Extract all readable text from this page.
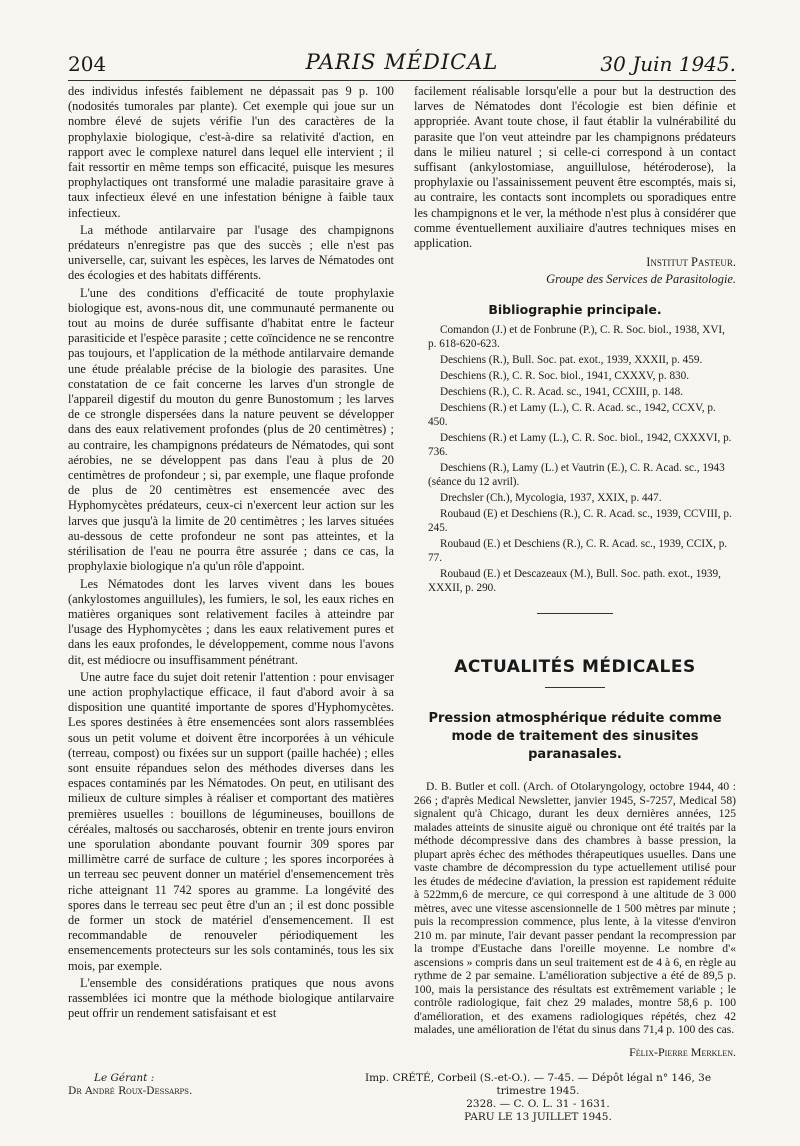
204	PARIS MÉDICAL	30 Juin 1945.

des individus infestés faiblement ne dépassait pas 9 p. 100 (nodosités tumorales par plante). Cet exemple qui joue sur un nombre élevé de sujets vérifie l'un des caractères de la prophylaxie biologique, c'est-à-dire sa relativité d'action, en rapport avec le complexe naturel dans lequel elle intervient ; il fait ressortir en même temps son efficacité, puisque les mesures prophylactiques ont transformé une maladie parasitaire grave à taux infectieux élevé en une infestation bénigne à faible taux infectieux.

La méthode antilarvaire par l'usage des champignons prédateurs n'enregistre pas que des succès ; elle n'est pas universelle, car, suivant les espèces, les larves de Nématodes ont des écologies et des habitats différents.

L'une des conditions d'efficacité de toute prophylaxie biologique est, avons-nous dit, une communauté permanente ou tout au moins de durée suffisante d'habitat entre le facteur parasiticide et l'espèce parasite ; cette coïncidence ne se rencontre pas toujours, et l'application de la méthode antilarvaire demande une étude préalable précise de la biologie des parasites. Une constatation de ce fait concerne les larves d'un strongle de l'appareil digestif du mouton du genre Bunostomum ; les larves de ce strongle dispersées dans la nature peuvent se développer dans des eaux relativement profondes (plus de 20 centimètres) ; au contraire, les champignons prédateurs de Nématodes, qui sont aérobies, ne se développent pas dans l'eau à plus de 20 centimètres de profondeur ; si, par exemple, une flaque profonde de plus de 20 centimètres est ensemencée avec des Hyphomycètes prédateurs, ceux-ci n'exercent leur action sur les larves que jusqu'à la limite de 20 centimètres ; les larves situées au-dessous de cette profondeur ne sont pas atteintes, et la stérilisation de l'eau ne pourra être assurée ; dans ce cas, la prophylaxie biologique n'a qu'un rôle d'appoint.

Les Nématodes dont les larves vivent dans les boues (ankylostomes anguillules), les fumiers, le sol, les eaux riches en matières organiques sont relativement faciles à atteindre par l'usage des Hyphomycètes ; dans les eaux relativement pures et dans les eaux profondes, le développement, comme nous l'avons dit, est médiocre ou insuffisamment pénétrant.

Une autre face du sujet doit retenir l'attention : pour envisager une action prophylactique efficace, il faut d'abord avoir à sa disposition une quantité importante de spores d'Hyphomycètes. Les spores destinées à être ensemencées sont alors rassemblées sous un petit volume et doivent être incorporées à un véhicule (terreau, compost) ou fixées sur un support (paille hachée) ; elles sont ensuite répandues selon des méthodes diverses dans les espaces contaminés par les Nématodes. On peut, en utilisant des milieux de culture simples à réaliser et comportant des matières premières usuelles : bouillons de légumineuses, bouillons de céréales, maltosés ou saccharosés, obtenir en trente jours environ une sporulation abondante pouvant fournir 309 spores par millimètre carré de surface de culture ; les spores incorporées à un terreau sec peuvent donner un matériel d'ensemencement très riche atteignant 11 742 spores au gramme. La longévité des spores dans le terreau sec peut être d'un an ; il est donc possible de former un stock de matériel d'ensemencement. Il est recommandable de renouveler périodiquement les ensemencements protecteurs sur les sols contaminés, tous les six mois, par exemple.

L'ensemble des considérations pratiques que nous avons rassemblées ici montre que la méthode biologique antilarvaire peut offrir un rendement satisfaisant et est

facilement réalisable lorsqu'elle a pour but la destruction des larves de Nématodes dont l'écologie est bien définie et appropriée. Avant toute chose, il faut établir la vulnérabilité du parasite que l'on veut atteindre par les champignons prédateurs dans le milieu naturel ; si celle-ci correspond à un contact suffisant (ankylostomiase, anguillulose, hétéroderose), la prophylaxie ou l'assainissement peuvent être escomptés, mais si, au contraire, les contacts sont incomplets ou sporadiques entre les champignons et le ver, la méthode n'est plus à considérer que comme éventuellement auxiliaire d'autres techniques mises en application.

Institut Pasteur.
Groupe des Services de Parasitologie.
Bibliographie principale.

Comandon (J.) et de Fonbrune (P.), C. R. Soc. biol., 1938, XVI, p. 618-620-623.

Deschiens (R.), Bull. Soc. pat. exot., 1939, XXXII, p. 459.

Deschiens (R.), C. R. Soc. biol., 1941, CXXXV, p. 830.

Deschiens (R.), C. R. Acad. sc., 1941, CCXIII, p. 148.

Deschiens (R.) et Lamy (L.), C. R. Acad. sc., 1942, CCXV, p. 450.

Deschiens (R.) et Lamy (L.), C. R. Soc. biol., 1942, CXXXVI, p. 736.

Deschiens (R.), Lamy (L.) et Vautrin (E.), C. R. Acad. sc., 1943 (séance du 12 avril).

Drechsler (Ch.), Mycologia, 1937, XXIX, p. 447.

Roubaud (E) et Deschiens (R.), C. R. Acad. sc., 1939, CCVIII, p. 245.

Roubaud (E.) et Deschiens (R.), C. R. Acad. sc., 1939, CCIX, p. 77.

Roubaud (E.) et Descazeaux (M.), Bull. Soc. path. exot., 1939, XXXII, p. 290.

ACTUALITÉS MÉDICALES
Pression atmosphérique réduite comme mode de traitement des sinusites paranasales.

D. B. Butler et coll. (Arch. of Otolaryngology, octobre 1944, 40 : 266 ; d'après Medical Newsletter, janvier 1945, S-7257, Medical 58) signalent qu'à Chicago, durant les deux dernières années, 125 malades atteints de sinusite aiguë ou chronique ont été traités par la méthode décompressive dans des chambres à basse pression, la plupart après échec des méthodes thérapeutiques usuelles. Dans une vaste chambre de décompression du type actuellement utilisé pour les études de médecine d'aviation, la pression est rapidement réduite à 522mm,6 de mercure, ce qui correspond à une altitude de 3 000 mètres, avec une vitesse ascensionnelle de 1 500 mètres par minute ; puis la recompression commence, plus lente, à la vitesse d'environ 210 m. par minute, l'air devant passer pendant la recompression par la trompe d'Eustache dans l'oreille moyenne. Le nombre d'« ascensions » compris dans un seul traitement est de 4 à 6, en règle au rythme de 2 par semaine. L'amélioration subjective a été de 89,5 p. 100, mais la persistance des résultats est extrêmement variable ; le contrôle radiologique, fait chez 29 malades, montre 58,6 p. 100 d'amélioration, et des examens radiologiques répétés, chez 42 malades, une amélioration de l'état du sinus dans 71,4 p. 100 des cas.

Félix-Pierre Merklen.
Le Gérant :
Dr André Roux-Dessarps.
Imp. CRÉTÉ, Corbeil (S.-et-O.). — 7-45. — Dépôt légal n° 146, 3e trimestre 1945.
2328. — C. O. L. 31 - 1631.
PARU LE 13 JUILLET 1945.
